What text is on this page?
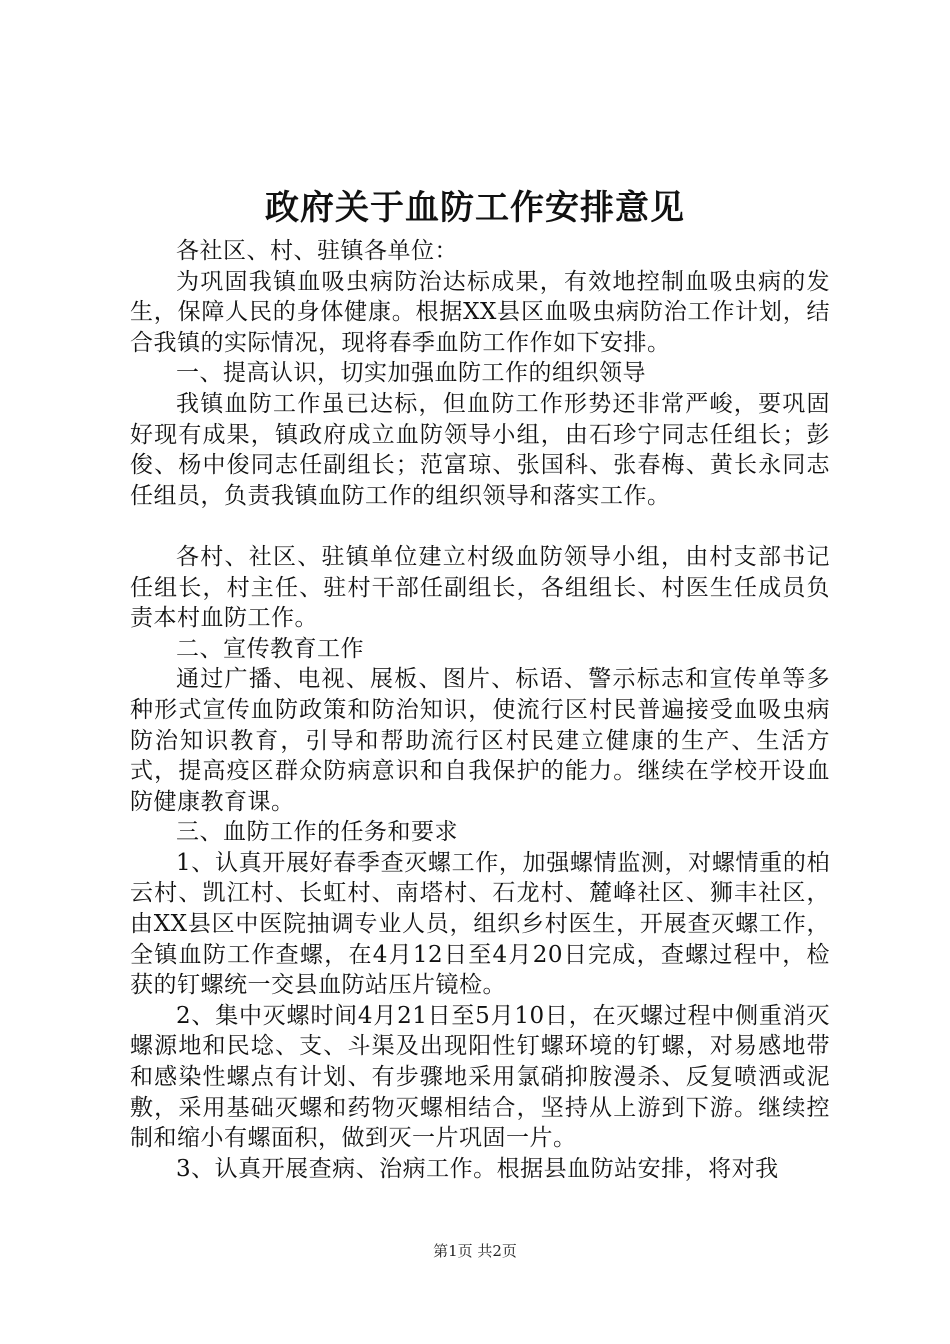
政府关于血防工作安排意见

各社区、村、驻镇各单位：

为巩固我镇血吸虫病防治达标成果，有效地控制血吸虫病的发生，保障人民的身体健康。根据XX县区血吸虫病防治工作计划，结合我镇的实际情况，现将春季血防工作作如下安排。

一、提高认识，切实加强血防工作的组织领导

我镇血防工作虽已达标，但血防工作形势还非常严峻，要巩固好现有成果，镇政府成立血防领导小组，由石珍宁同志任组长；彭俊、杨中俊同志任副组长；范富琼、张国科、张春梅、黄长永同志任组员，负责我镇血防工作的组织领导和落实工作。

各村、社区、驻镇单位建立村级血防领导小组，由村支部书记任组长，村主任、驻村干部任副组长，各组组长、村医生任成员负责本村血防工作。

二、宣传教育工作

通过广播、电视、展板、图片、标语、警示标志和宣传单等多种形式宣传血防政策和防治知识，使流行区村民普遍接受血吸虫病防治知识教育，引导和帮助流行区村民建立健康的生产、生活方式，提高疫区群众防病意识和自我保护的能力。继续在学校开设血防健康教育课。

三、血防工作的任务和要求

1、认真开展好春季查灭螺工作，加强螺情监测，对螺情重的柏云村、凯江村、长虹村、南塔村、石龙村、麓峰社区、狮丰社区，由XX县区中医院抽调专业人员，组织乡村医生，开展查灭螺工作，全镇血防工作查螺，在4月12日至4月20日完成，查螺过程中，检获的钉螺统一交县血防站压片镜检。

2、集中灭螺时间4月21日至5月10日，在灭螺过程中侧重消灭螺源地和民埝、支、斗渠及出现阳性钉螺环境的钉螺，对易感地带和感染性螺点有计划、有步骤地采用氯硝抑胺漫杀、反复喷洒或泥敷，采用基础灭螺和药物灭螺相结合，坚持从上游到下游。继续控制和缩小有螺面积，做到灭一片巩固一片。

3、认真开展查病、治病工作。根据县血防站安排，将对我

第1页 共2页
